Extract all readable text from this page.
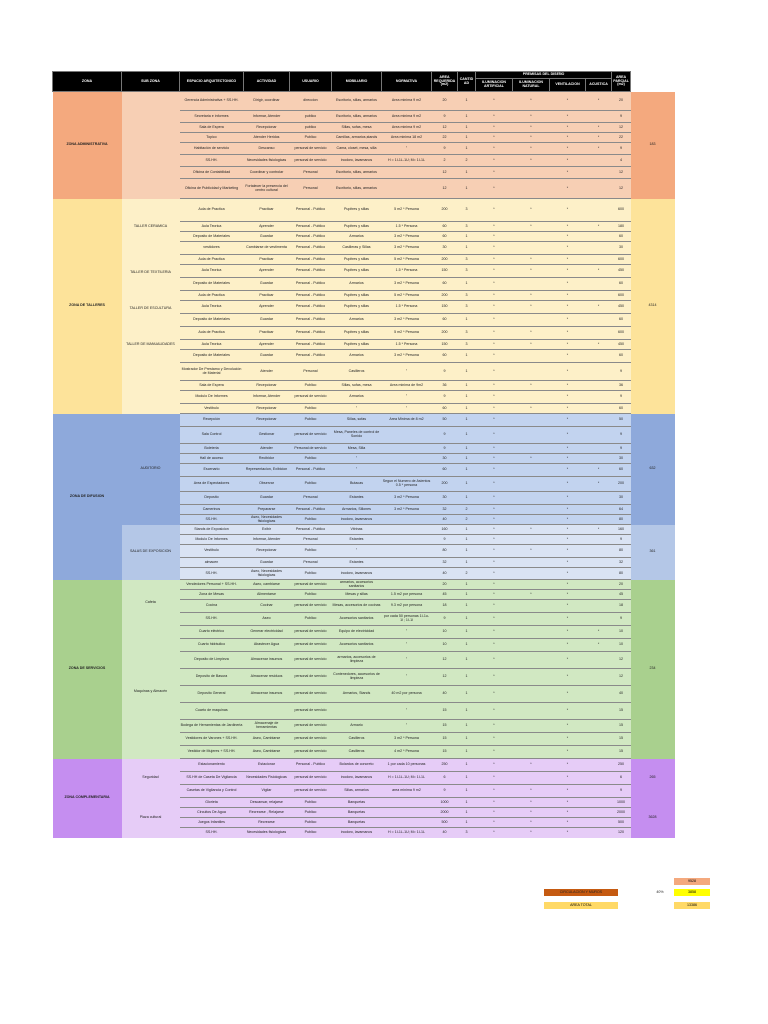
ZONA	SUB ZONA	ESPACIO ARQUITECTONICO	ACTIVIDAD	USUARIO	MOBILIARIO	NORMATIVA	AREA REQUERIDA (m2)	CANTIDAD	PREMISAS DEL DISEÑO				AREA PARCIAL (m2)	
									ILUMINACION ARTIFICIAL	ILUMINACION NATURAL	VENTILACION	ACUSTICA		
ZONA ADMINISTRATIVA		Gerencia Administrativa + SS.HH.	Dirigir, coordinar	direccion	Escritorio, sillas, armarios	Area minima 9 m2	20	1	*	*	*	*	20	183
		Secretaria e informes	Informar, Atender	publico	Escritorio, sillas, armarios	Area minima 9 m2	9	1	*	*	*		9	
		Sala de Espera	Recepcionar	publico	Sillas, sofas, mesa	Area minima 9 m2	12	1	*	*	*	*	12	
		Topico	Atender Heridos	Publico	Camillas, armarios,stands	Area minima 18 m2	22	1	*	*	*	*	22	
		Habitación de servicio	Descanso	personal de servicio	Cama, closet, mesa, silla	"	9	1	*	*	*	*	9	
		SS.HH.	Necesidades fisiologicas	personal de servicio	inodoro, lavamanos	H = 1I-1L-1U; M= 1I-1L	2	2	*	*	*		4	
		Oficina de Contabilidad	Coordinar y controlar	Personal	Escritorio, sillas, armarios		12	1	*		*		12	
		Oficina de Publicidad y Marketing	Fortalecer la presencia del centro cultural	Personal	Escritorio, sillas, armarios		12	1	*		*		12	
ZONA DE TALLERES	TALLER CERAMICA	Aula de Practica	Practicar	Personal - Publico	Pupitres y sillas	5 m2 * Persona	200	3	*	*	*		600	4314
		Aula Teorica	Aprender	Personal - Publico	Pupitres y sillas	1.5 * Persona	60	3	*	*	*	*	180	
		Deposito de Materiales	Guardar	Personal - Publico	Armarios	3 m2 * Persona	60	1	*		*		60	
		vestidores	Cambiarse de vestimenta	Personal - Publico	Casilleras y Sillas	3 m2 * Persona	30	1	*		*		30	
	TALLER DE TEXTILERIA	Aula de Practica	Practicar	Personal - Publico	Pupitres y sillas	5 m2 * Persona	200	3	*	*	*		600	
		Aula Teorica	Aprender	Personal - Publico	Pupitres y sillas	1.5 * Persona	150	3	*	*	*	*	450	
		Deposito de Materiales	Guardar	Personal - Publico	Armarios	3 m2 * Persona	60	1	*		*		60	
	TALLER DE ESCULTURA	Aula de Practica	Practicar	Personal - Publico	Pupitres y sillas	5 m2 * Persona	200	3	*	*	*		600	
		Aula Teorica	Aprender	Personal - Publico	Pupitres y sillas	1.5 * Persona	150	3	*	*	*	*	450	
		Deposito de Materiales	Guardar	Personal - Publico	Armarios	3 m2 * Persona	60	1	*		*		60	
	TALLER DE MANUALIDADES	Aula de Practica	Practicar	Personal - Publico	Pupitres y sillas	5 m2 * Persona	200	3	*	*	*		600	
		Aula Teorica	Aprender	Personal - Publico	Pupitres y sillas	1.5 * Persona	150	3	*	*	*	*	450	
		Deposito de Materiales	Guardar	Personal - Publico	Armarios	3 m2 * Persona	60	1	*		*		60	
		Mostrador De Prestamo y Devolución de Material	Atender	Personal	Casilleros	"	9	1	*		*		9	
		Sala de Espera	Recepcionar	Publico	Sillas, sofas, mesa	Area minima de 9m2	36	1	*	*	*		36	
		Modulo De Informes	Informar, Atender	personal de servicio	Armarios	"	9	1	*		*		9	
		Vestibulo	Recepcionar	Publico	"	"	60	1	*	*	*		60	
ZONA DE DIFUSION	AUDITORIO	Recepción	Recepcionar	Publico	Sillas, sofas	Area Minima de 8 m2	50	1	*		*		50	632
		Sala Control	Gestionar	personal de servicio	Mesa, Paneles de control de Sonido		9	1	*		*		9	
		Boleteria	Atender	Personal de servicio	Mesa, Silla		9	1	*		*		9	
		Hall de acceso	Recibidor	Publico	"		30	1	*	*	*		30	
		Escenario	Representacion, Exibicion	Personal - Publico	"		60	1	*		*	*	60	
		Area de Espectadores	Observar	Publico	Butacas	Segun el Numero de Asientos 0.5 * persona	200	1	*		*	*	200	
		Deposito	Guardar	Personal	Estantes	3 m2 * Persona	30	1	*		*		30	
		Camerinos	Prepararse	Personal - Publico	Armarios, Sillones	3 m2 * Persona	32	2	*		*		64	
		SS.HH.	Aseo, Necesidades fisiologicas	Publico	inodoro, lavamanos		40	2	*		*		80	
	SALAS DE EXPOSICION	Stands de Exposicion	Exibir	Personal - Publico	Vitrinas		160	1	*	*	*	*	160	361
		Modulo De Informes	Informar, Atender	Personal	Estantes		9	1	*		*		9	
		Vestibulo	Recepcionar	Publico	"		80	1	*	*	*		80	
		almacen	Guardar	Personal	Estantes		32	1	*		*		32	
		SS.HH.	Aseo, Necesidades fisiologicas	Publico	inodoro, lavamanos		40	2	*		*		80	
ZONA DE SERVICIOS	Cafeta	Vendedores Personal + SS.HH.	Aseo, cambiarse	personal de servicio	armarios, accesorios sanitarios		20	1	*		*		20	234
		Zona de Mesas	Alimentarse	Publico	Mesas y sillas	1.5 m2 por persona	45	1	*	*	*		45	
		Cocina	Cocinar	personal de servicio	Mesas, accesorios de cocinas	9.3 m2 por persona	18	1	*		*		18	
		SS.HH.	Aseo	Publico	Accesorios sanitarios	por cada 50 personas 1I-1u- 1l ; 1I-1l	9	1	*		*		9	
	Maquinas y Almacén	Cuarto eléctrico	Generar electricidad	personal de servicio	Equipo de electricidad	"	10	1	*		*	*	10	
		Cuarto hidráulico	Abastecer Agua	personal de servicio	Accesorios sanitarios	"	10	1	*		*	*	10	
		Deposito de Limpieza	Almacenar insumos	personal de servicio	armarios, accesorios de limpieza	"	12	1	*		*		12	
		Deposito de Basura	Almacenar residuos	personal de servicio	Contenedores, accesorios de limpieza	"	12	1	*		*		12	
		Deposito General	Almacenar insumos	personal de servicio	Armarios, Stands	40 m2 por persona	40	1	*		*		40	
		Cuarto de maquinas		personal de servicio		"	15	1	*		*		15	
		Bodega de Herramientas de Jardineria	Almacenaje de herramientas	personal de servicio	Armario	"	15	1	*		*		15	
		Vestidores de Varones + SS.HH.	Aseo, Cambiarse	personal de servicio	Casilleros	3 m2 * Persona	15	1	*		*		15	
		Vestidor de Mujeres + SS.HH.	Aseo, Cambiarse	personal de servicio	Casilleros	4 m2 * Persona	15	1	*		*		15	
ZONA COMPLEMENTARIA	Seguridad	Estacionamiento	Estacionar	Personal - Publico	Bolardos de concreto	1 por cada 10 personas	250	1	*	*	*		250	265
		SS.HH de Caseta De Vigilancia	Necesidades Fisiologicas	personal de servicio	inodoro, lavamanos	H = 1I-1L-1U; M= 1I-1L	6	1	*		*		6	
		Casetas de Vigilancia y Control	Vigilar	personal de servicio	Sillas, armarios	area minima 9 m2	9	1	*	*	*		9	
	Plaza cultural	Glorieta	Descansar, relajarse	Publico	Banquetas		1000	1	*	*	*		1000	3628
		Circuitos De Agua	Recrearse , Relajarse	Publico	Banquetas		2000	1	*	*	*		2000	
		Juegos Infantiles	Recrearse	Publico	Banquetas		500	1	*	*	*		500	
		SS.HH.	Necesidades fisiologicas	Publico	inodoro, lavamanos	H = 1I-1L-1U; M= 1I-1L	40	3	*	*	*		120	
9528
CIRCULACION Y MUROS	40%	3858
AREA TOTAL	13386
